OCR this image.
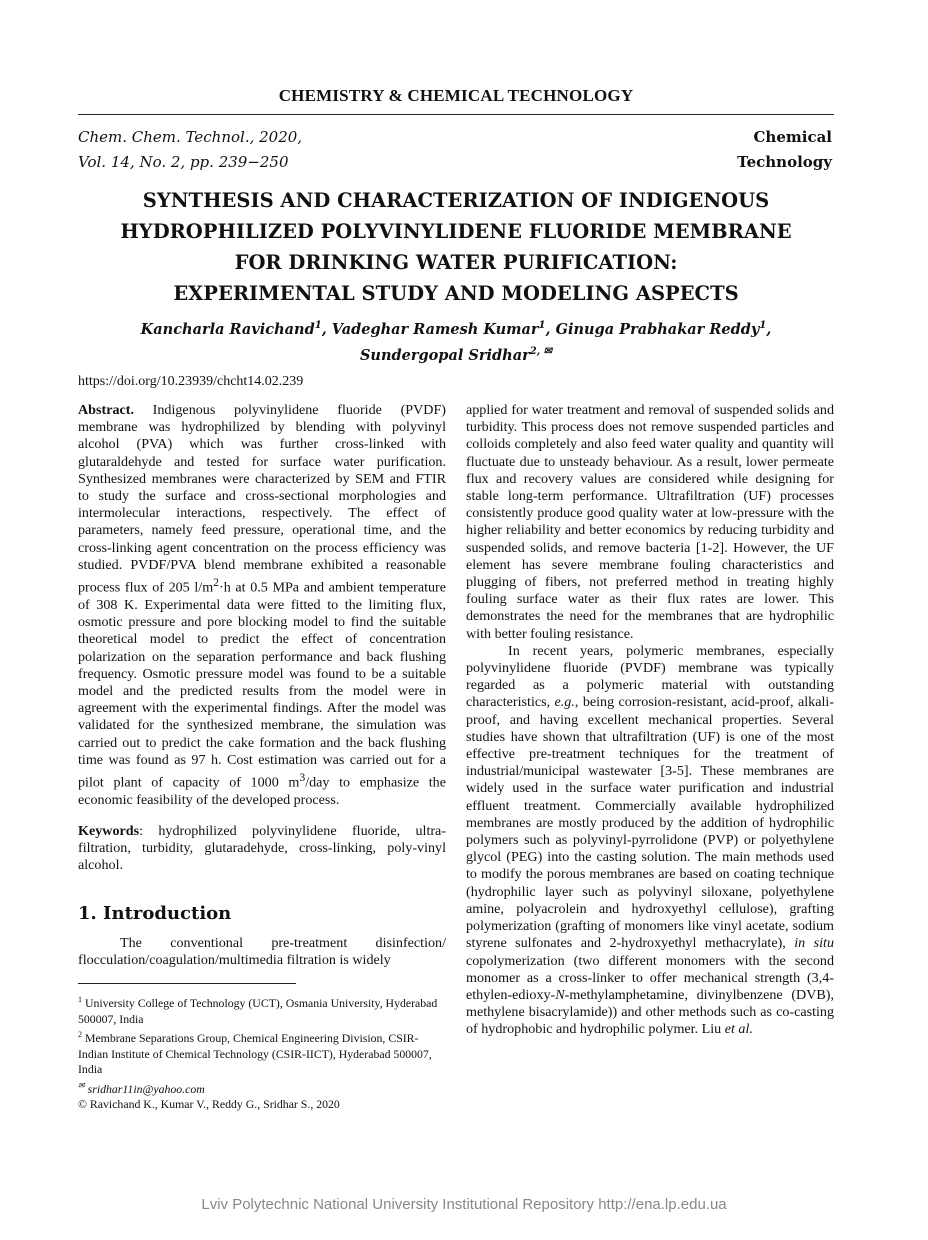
CHEMISTRY & CHEMICAL TECHNOLOGY
Chem. Chem. Technol., 2020,
Vol. 14, No. 2, pp. 239−250
Chemical
Technology
SYNTHESIS AND CHARACTERIZATION OF INDIGENOUS
HYDROPHILIZED POLYVINYLIDENE FLUORIDE MEMBRANE
FOR DRINKING WATER PURIFICATION:
EXPERIMENTAL STUDY AND MODELING ASPECTS
Kancharla Ravichand$^1$, Vadeghar Ramesh Kumar$^1$, Ginuga Prabhakar Reddy$^1$,
Sundergopal Sridhar$^{2, ✉}$
https://doi.org/10.23939/chcht14.02.239

Abstract. Indigenous polyvinylidene fluoride (PVDF) membrane was hydrophilized by blending with polyvinyl alcohol (PVA) which was further cross-linked with glutaraldehyde and tested for surface water purification. Synthesized membranes were characterized by SEM and FTIR to study the surface and cross-sectional morphologies and intermolecular interactions, respectively. The effect of parameters, namely feed pressure, operational time, and the cross-linking agent concentration on the process efficiency was studied. PVDF/PVA blend membrane exhibited a reasonable process flux of 205 $l/m^2\cdot h$ at 0.5 MPa and ambient temperature of 308 K. Experimental data were fitted to the limiting flux, osmotic pressure and pore blocking model to find the suitable theoretical model to predict the effect of concentration polarization on the separation performance and back flushing frequency. Osmotic pressure model was found to be a suitable model and the predicted results from the model were in agreement with the experimental findings. After the model was validated for the synthesized membrane, the simulation was carried out to predict the cake formation and the back flushing time was found as 97 h. Cost estimation was carried out for a pilot plant of capacity of 1000 $m^3$/day to emphasize the economic feasibility of the developed process.

Keywords: hydrophilized polyvinylidene fluoride, ultra-filtration, turbidity, glutaradehyde, cross-linking, poly-vinyl alcohol.

1. Introduction

The conventional pre-treatment disinfection/ flocculation/coagulation/multimedia filtration is widely

$^1$ University College of Technology (UCT), Osmania University, Hyderabad 500007, India

$^2$ Membrane Separations Group, Chemical Engineering Division, CSIR-Indian Institute of Chemical Technology (CSIR-IICT), Hyderabad 500007, India

✉ sridhar11in@yahoo.com

© Ravichand K., Kumar V., Reddy G., Sridhar S., 2020

applied for water treatment and removal of suspended solids and turbidity. This process does not remove suspended particles and colloids completely and also feed water quality and quantity will fluctuate due to unsteady behaviour. As a result, lower permeate flux and recovery values are considered while designing for stable long-term performance. Ultrafiltration (UF) processes consistently produce good quality water at low-pressure with the higher reliability and better economics by reducing turbidity and suspended solids, and remove bacteria [1-2]. However, the UF element has severe membrane fouling characteristics and plugging of fibers, not preferred method in treating highly fouling surface water as their flux rates are lower. This demonstrates the need for the membranes that are hydrophilic with better fouling resistance.

In recent years, polymeric membranes, especially polyvinylidene fluoride (PVDF) membrane was typically regarded as a polymeric material with outstanding characteristics, e.g., being corrosion-resistant, acid-proof, alkali-proof, and having excellent mechanical properties. Several studies have shown that ultrafiltration (UF) is one of the most effective pre-treatment techniques for the treatment of industrial/municipal wastewater [3-5]. These membranes are widely used in the surface water purification and industrial effluent treatment. Commercially available hydrophilized membranes are mostly produced by the addition of hydrophilic polymers such as polyvinyl-pyrrolidone (PVP) or polyethylene glycol (PEG) into the casting solution. The main methods used to modify the porous membranes are based on coating technique (hydrophilic layer such as polyvinyl siloxane, polyethylene amine, polyacrolein and hydroxyethyl cellulose), grafting polymerization (grafting of monomers like vinyl acetate, sodium styrene sulfonates and 2-hydroxyethyl methacrylate), in situ copolymerization (two different monomers with the second monomer as a cross-linker to offer mechanical strength (3,4-ethylen-edioxy-N-methylamphetamine, divinylbenzene (DVB), methylene bisacrylamide)) and other methods such as co-casting of hydrophobic and hydrophilic polymer. Liu et al.

Lviv Polytechnic National University Institutional Repository http://ena.lp.edu.ua
